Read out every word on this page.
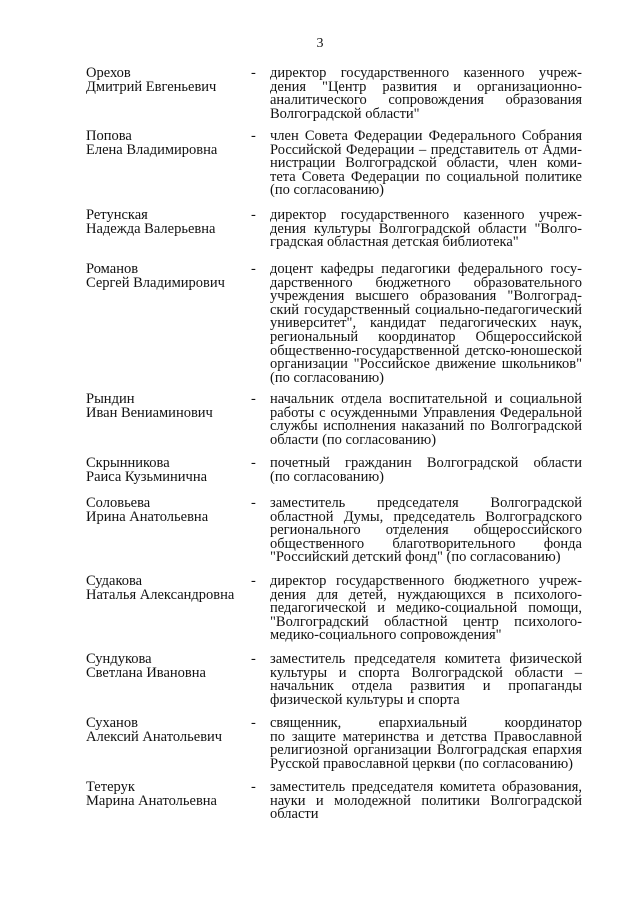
3
Орехов
Дмитрий Евгеньевич
- директор государственного казенного учреж-
дения "Центр развития и организационно-
аналитического сопровождения образования
Волгоградской области"
Попова
Елена Владимировна
- член Совета Федерации Федерального Собрания
Российской Федерации – представитель от Адми-
нистрации Волгоградской области, член коми-
тета Совета Федерации по социальной политике
(по согласованию)
Ретунская
Надежда Валерьевна
- директор государственного казенного учреж-
дения культуры Волгоградской области "Волго-
градская областная детская библиотека"
Романов
Сергей Владимирович
- доцент кафедры педагогики федерального госу-
дарственного бюджетного образовательного
учреждения высшего образования "Волгоград-
ский государственный социально-педагогический
университет", кандидат педагогических наук,
региональный координатор Общероссийской
общественно-государственной детско-юношеской
организации "Российское движение школьников"
(по согласованию)
Рындин
Иван Вениаминович
- начальник отдела воспитательной и социальной
работы с осужденными Управления Федеральной
службы исполнения наказаний по Волгоградской
области (по согласованию)
Скрынникова
Раиса Кузьминична
- почетный гражданин Волгоградской области
(по согласованию)
Соловьева
Ирина Анатольевна
- заместитель председателя Волгоградской
областной Думы, председатель Волгоградского
регионального отделения общероссийского
общественного благотворительного фонда
"Российский детский фонд" (по согласованию)
Судакова
Наталья Александровна
- директор государственного бюджетного учреж-
дения для детей, нуждающихся в психолого-
педагогической и медико-социальной помощи,
"Волгоградский областной центр психолого-
медико-социального сопровождения"
Сундукова
Светлана Ивановна
- заместитель председателя комитета физической
культуры и спорта Волгоградской области –
начальник отдела развития и пропаганды
физической культуры и спорта
Суханов
Алексий Анатольевич
- священник, епархиальный координатор
по защите материнства и детства Православной
религиозной организации Волгоградская епархия
Русской православной церкви (по согласованию)
Тетерук
Марина Анатольевна
- заместитель председателя комитета образования,
науки и молодежной политики Волгоградской
области
